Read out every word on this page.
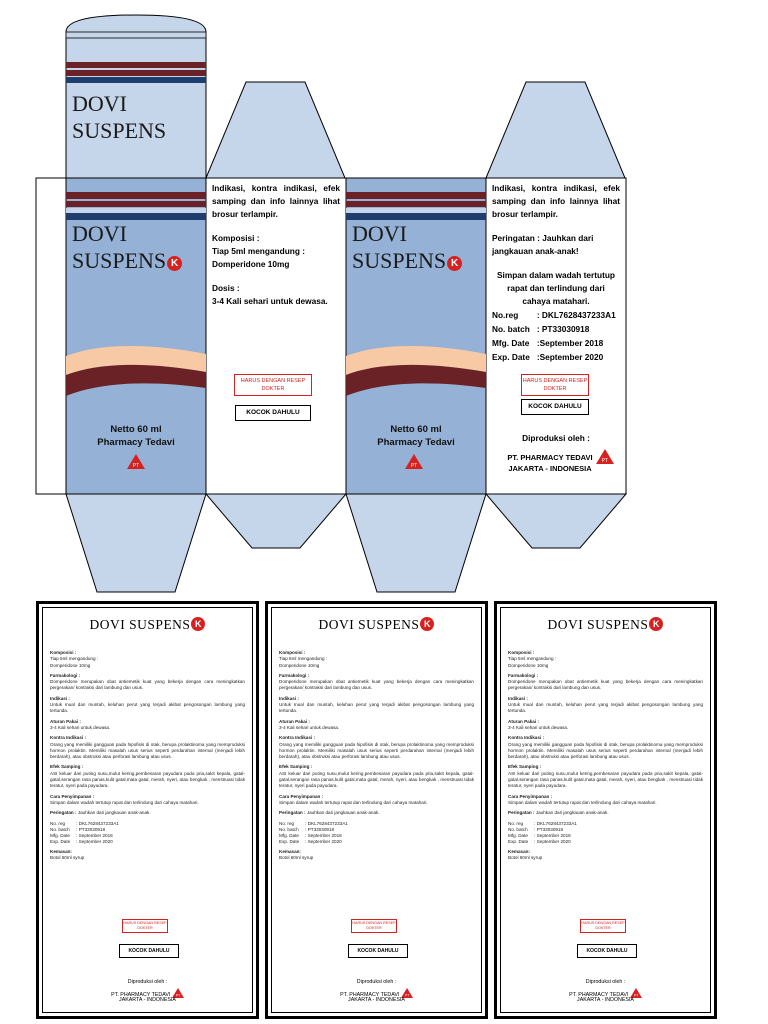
DOVI
SUSPENS
DOVI
SUSPENS K
DOVI
SUSPENS K
Netto 60 ml
Pharmacy Tedavi
PT
Netto 60 ml
Pharmacy Tedavi
PT

Indikasi, kontra indikasi, efek samping dan info lainnya lihat brosur terlampir.

Komposisi :

Tiap 5ml mengandung : Domperidone 10mg

Dosis :

3-4 Kali sehari untuk dewasa.

HARUS DENGAN RESEP DOKTER
KOCOK DAHULU

Indikasi, kontra indikasi, efek samping dan info lainnya lihat brosur terlampir.

Peringatan : Jauhkan dari jangkauan anak-anak!

Simpan dalam wadah tertutup rapat dan terlindung dari cahaya matahari.

No.reg	: DKL7628437233A1
No. batch	: PT33030918
Mfg. Date	:September 2018
Exp. Date	:September 2020
HARUS DENGAN RESEP DOKTER
KOCOK DAHULU
Diproduksi oleh :
PT. PHARMACY TEDAVI
JAKARTA - INDONESIA
PT
DOVI SUSPENS K

Komposisi :

Tiap 5ml mengandung :

Domperidone 10mg

Farmakologi :

Domperidone merupakan obat antiemetik kuat yang bekerja dengan cara meningkatkan pergerakan/ kontraksi dari lambung dan usus.

Indikasi :

Untuk mual dan muntah, keluhan perut yang terjadi akibat pengosongan lambung yang tertunda.

Aturan Pakai :

3-4 Kali sehari untuk dewasa.

Kontra Indikasi :

Orang yang memiliki gangguan pada hipofisis di otak, berupa prolaktinoma yang memproduksi hormon prolaktin. Memiliki masalah usus serius seperti perdarahan internal (menjadi lebih berdarah), atau obstruksi atau perforasi lambung atau usus.

Efek Samping :

ASI keluar dari puting susu,mulut kering,pembesaran payudara pada pria,sakit kepala, gatal-gatal,serangan rasa panas,kulit gatal,mata gatal, merah, nyeri, atau bengkak , menstruasi tidak teratur, nyeri pada payudara.

Cara Penyimpanan :

Simpan dalam wadah tertutup rapat dan terlindung dari cahaya matahari.

Peringatan : Jauhkan dari jangkauan anak-anak.

No. reg	: DKL7628437233A1
No. batch	: PT33030918
Mfg. Date	: September 2018
Exp. Date	: September 2020

Kemasan:

Botol 60ml syrup

HARUS DENGAN RESEP DOKTER
KOCOK DAHULU
Diproduksi oleh :
PT. PHARMACY TEDAVI PT
JAKARTA - INDONESIA
DOVI SUSPENS K

Komposisi :

Tiap 5ml mengandung :

Domperidone 10mg

Farmakologi :

Domperidone merupakan obat antiemetik kuat yang bekerja dengan cara meningkatkan pergerakan/ kontraksi dari lambung dan usus.

Indikasi :

Untuk mual dan muntah, keluhan perut yang terjadi akibat pengosongan lambung yang tertunda.

Aturan Pakai :

3-4 Kali sehari untuk dewasa.

Kontra Indikasi :

Orang yang memiliki gangguan pada hipofisis di otak, berupa prolaktinoma yang memproduksi hormon prolaktin. Memiliki masalah usus serius seperti perdarahan internal (menjadi lebih berdarah), atau obstruksi atau perforasi lambung atau usus.

Efek Samping :

ASI keluar dari puting susu,mulut kering,pembesaran payudara pada pria,sakit kepala, gatal-gatal,serangan rasa panas,kulit gatal,mata gatal, merah, nyeri, atau bengkak , menstruasi tidak teratur, nyeri pada payudara.

Cara Penyimpanan :

Simpan dalam wadah tertutup rapat dan terlindung dari cahaya matahari.

Peringatan : Jauhkan dari jangkauan anak-anak.

No. reg	: DKL7628437233A1
No. batch	: PT33030918
Mfg. Date	: September 2018
Exp. Date	: September 2020

Kemasan:

Botol 60ml syrup

HARUS DENGAN RESEP DOKTER
KOCOK DAHULU
Diproduksi oleh :
PT. PHARMACY TEDAVI PT
JAKARTA - INDONESIA
DOVI SUSPENS K

Komposisi :

Tiap 5ml mengandung :

Domperidone 10mg

Farmakologi :

Domperidone merupakan obat antiemetik kuat yang bekerja dengan cara meningkatkan pergerakan/ kontraksi dari lambung dan usus.

Indikasi :

Untuk mual dan muntah, keluhan perut yang terjadi akibat pengosongan lambung yang tertunda.

Aturan Pakai :

3-4 Kali sehari untuk dewasa.

Kontra Indikasi :

Orang yang memiliki gangguan pada hipofisis di otak, berupa prolaktinoma yang memproduksi hormon prolaktin. Memiliki masalah usus serius seperti perdarahan internal (menjadi lebih berdarah), atau obstruksi atau perforasi lambung atau usus.

Efek Samping :

ASI keluar dari puting susu,mulut kering,pembesaran payudara pada pria,sakit kepala, gatal-gatal,serangan rasa panas,kulit gatal,mata gatal, merah, nyeri, atau bengkak , menstruasi tidak teratur, nyeri pada payudara.

Cara Penyimpanan :

Simpan dalam wadah tertutup rapat dan terlindung dari cahaya matahari.

Peringatan : Jauhkan dari jangkauan anak-anak.

No. reg	: DKL7628437233A1
No. batch	: PT33030918
Mfg. Date	: September 2018
Exp. Date	: September 2020

Kemasan:

Botol 60ml syrup

HARUS DENGAN RESEP DOKTER
KOCOK DAHULU
Diproduksi oleh :
PT. PHARMACY TEDAVI PT
JAKARTA - INDONESIA
